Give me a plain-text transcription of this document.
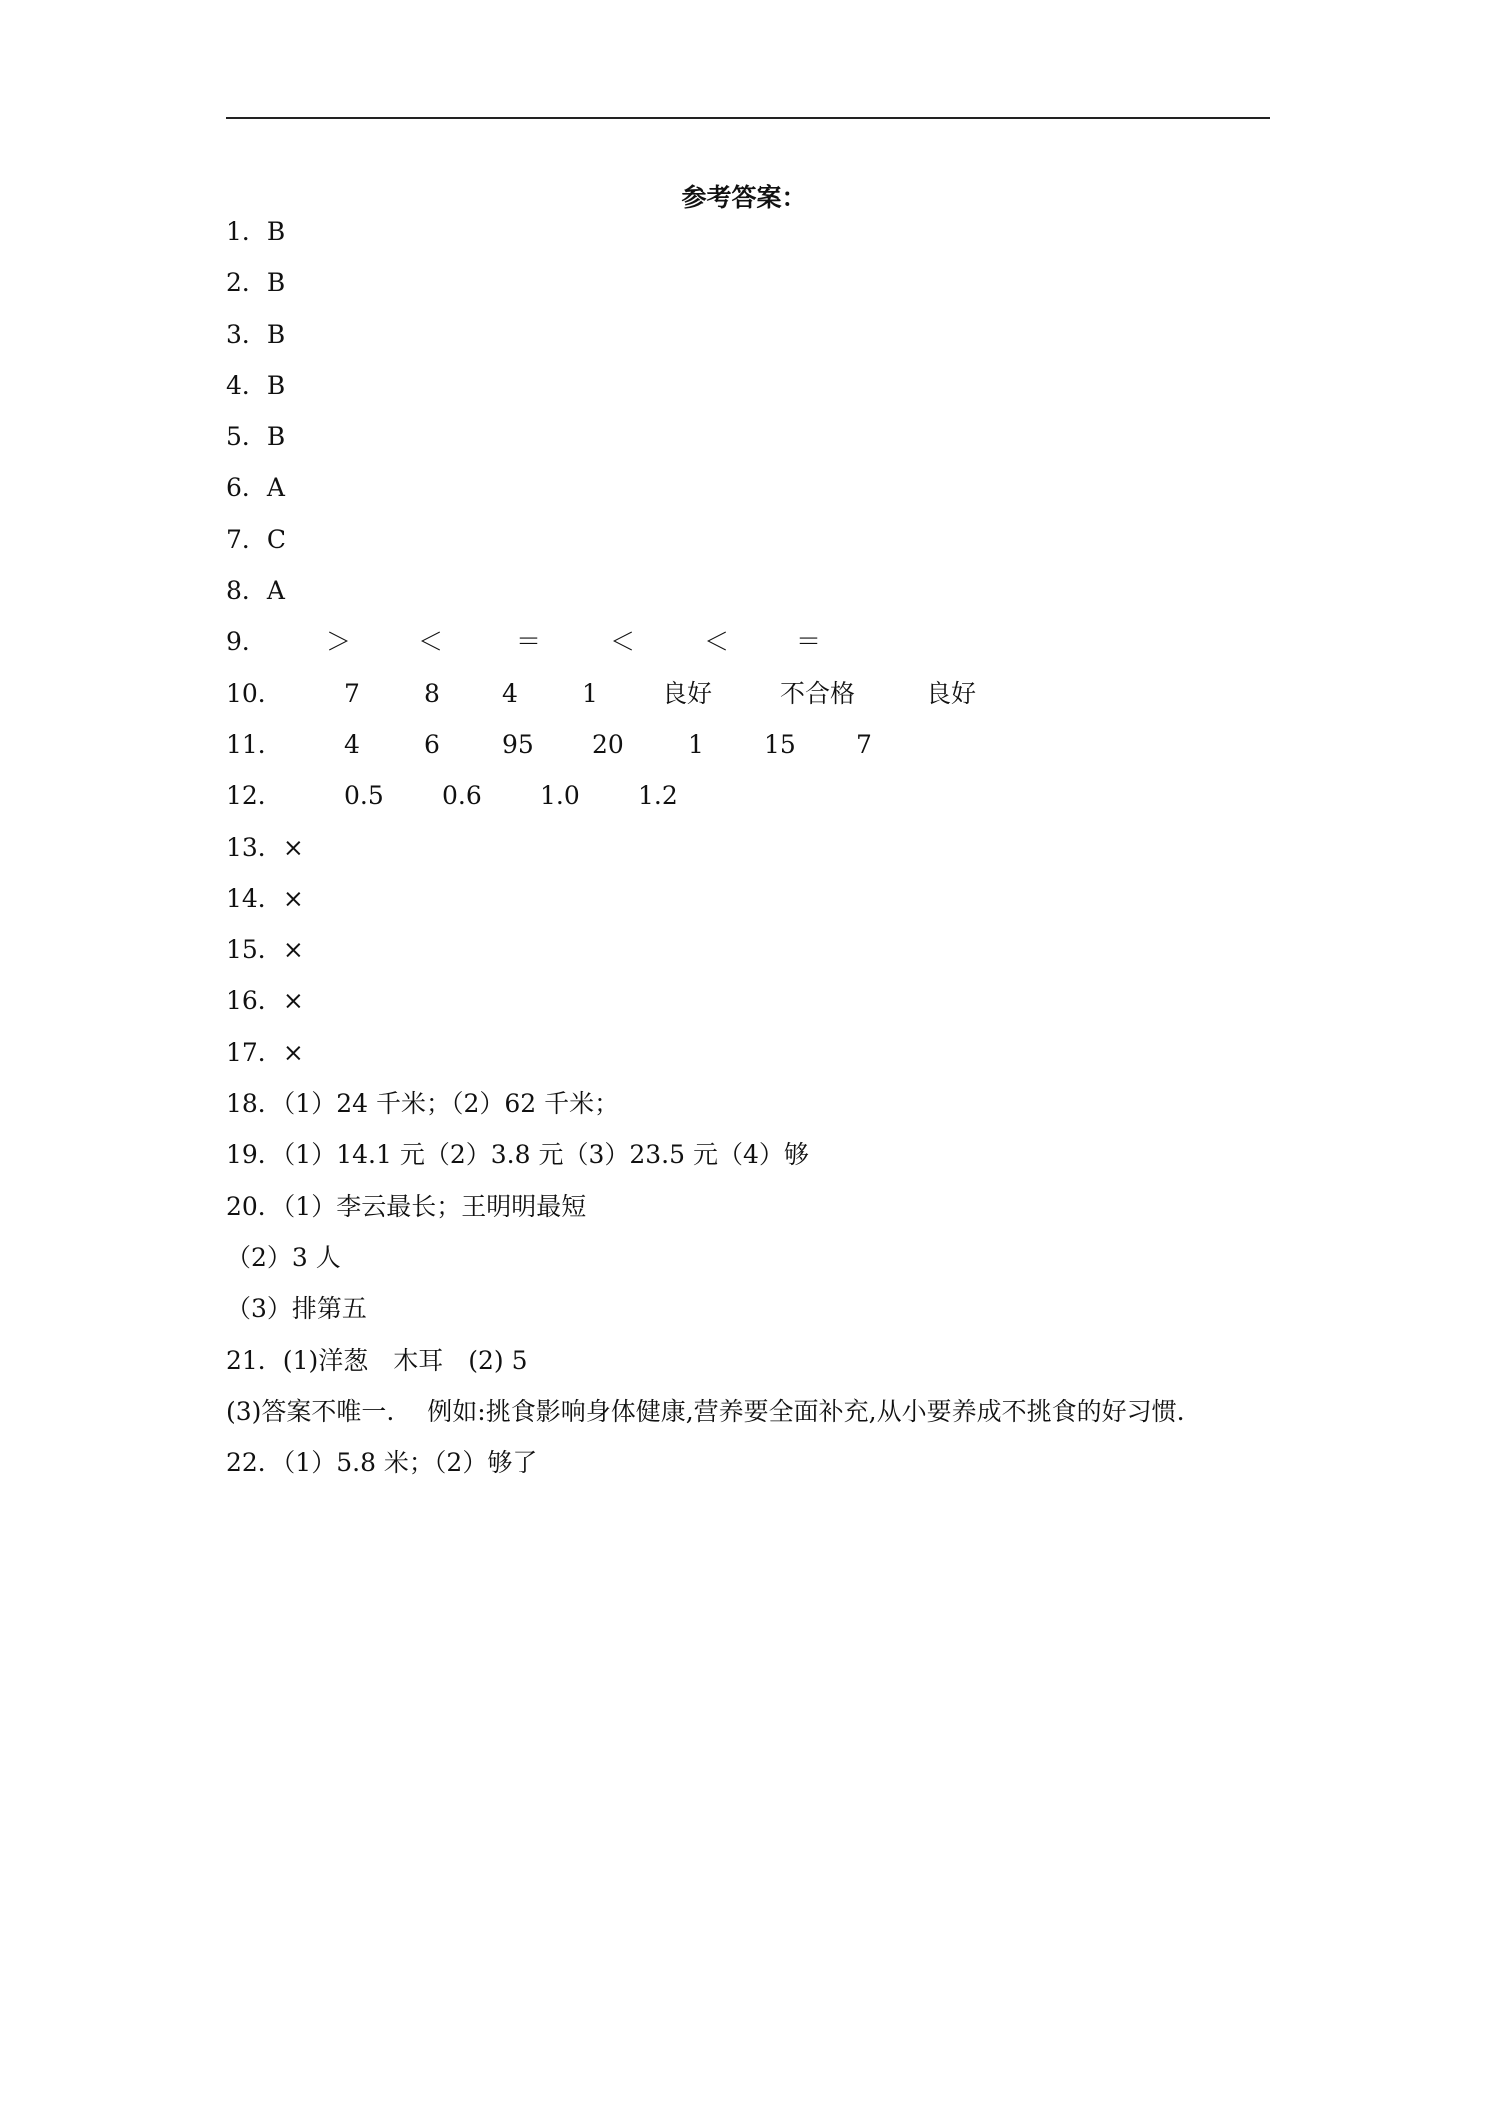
参考答案：
1．B
2．B
3．B
4．B
5．B
6．A
7．C
8．A
9． ＞	＜	＝	＜	＜	＝
10． 7	8 4	1	良好	不合格	良好
11． 4	6 95 20	1 15 7
12． 0.5 0.6 1.0 1.2
13．×
14．×
15．×
16．×
17．×
18．（1）24 千米；（2）62 千米；
19．（1）14.1 元（2）3.8 元（3）23.5 元（4）够
20．（1）李云最长；王明明最短
（2）3 人
（3）排第五
21．(1)洋葱　木耳　(2) 5
(3)答案不唯一.　 例如:挑食影响身体健康,营养要全面补充,从小要养成不挑食的好习惯.
22．（1）5.8 米；（2）够了
